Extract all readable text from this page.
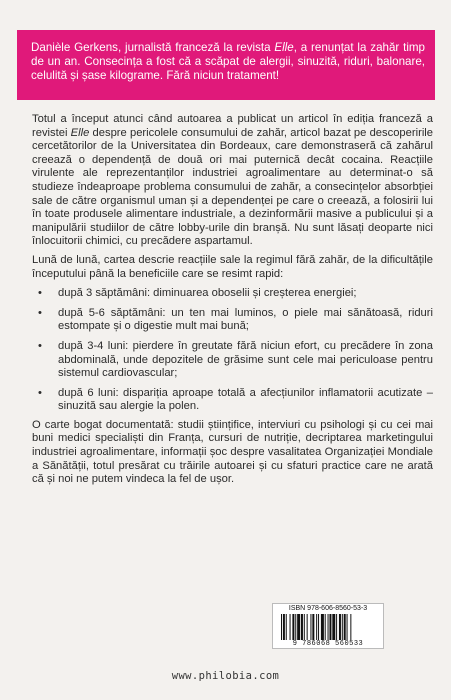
Danièle Gerkens, jurnalistă franceză la revista Elle, a renunțat la zahăr timp de un an. Consecința a fost că a scăpat de alergii, sinuzită, riduri, balonare, celulită și șase kilograme. Fără niciun tratament!

Totul a început atunci când autoarea a publicat un articol în ediția franceză a revistei Elle despre pericolele consumului de zahăr, articol bazat pe descoperirile cercetătorilor de la Universitatea din Bordeaux, care demonstraseră că zahărul creează o dependență de două ori mai puternică decât cocaina. Reacțiile virulente ale reprezentanților industriei agroalimentare au determinat-o să studieze îndeaproape problema consumului de zahăr, a consecințelor absorbției sale de către organismul uman și a dependenței pe care o creează, a folosirii lui în toate produsele alimentare industriale, a dezinformării masive a publicului și a manipulării studiilor de către lobby-urile din branșă. Nu sunt lăsați deoparte nici înlocuitorii chimici, cu precădere aspartamul.

Lună de lună, cartea descrie reacțiile sale la regimul fără zahăr, de la dificultățile începutului până la beneficiile care se resimt rapid:

• după 3 săptămâni: diminuarea oboselii și creșterea energiei;
• după 5-6 săptămâni: un ten mai luminos, o piele mai sănătoasă, riduri estompate și o digestie mult mai bună;
• după 3-4 luni: pierdere în greutate fără niciun efort, cu precădere în zona abdominală, unde depozitele de grăsime sunt cele mai periculoase pentru sistemul cardiovascular;
• după 6 luni: dispariția aproape totală a afecțiunilor inflamatorii acutizate – sinuzită sau alergie la polen.

O carte bogat documentată: studii științifice, interviuri cu psihologi și cu cei mai buni medici specialiști din Franța, cursuri de nutriție, decriptarea marketingului industriei agroalimentare, informații șoc despre vasalitatea Organizației Mondiale a Sănătății, totul presărat cu trăirile autoarei și cu sfaturi practice care ne arată că și noi ne putem vindeca la fel de ușor.

ISBN 978-606-8560-53-3
9 786068 560533
www.philobia.com
